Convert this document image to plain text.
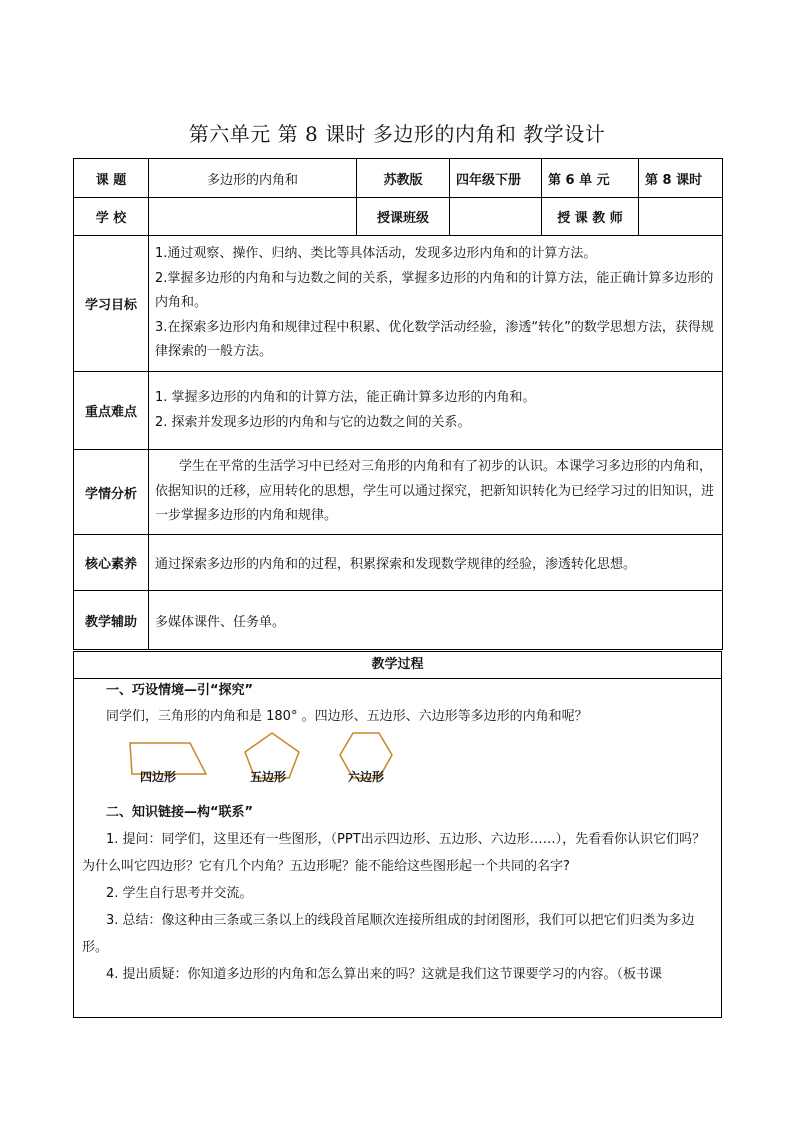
第六单元 第 8 课时 多边形的内角和 教学设计
课 题	多边形的内角和	苏教版	四年级下册	第 6 单 元	第 8 课时
学 校		授课班级		授 课 教 师	
学习目标	1.通过观察、操作、归纳、类比等具体活动，发现多边形内角和的计算方法。
2.掌握多边形的内角和与边数之间的关系，掌握多边形的内角和的计算方法，能正确计算多边形的内角和。
3.在探索多边形内角和规律过程中积累、优化数学活动经验，渗透“转化”的数学思想方法，获得规律探索的一般方法。				

重点难点	1. 掌握多边形的内角和的计算方法，能正确计算多边形的内角和。
2. 探索并发现多边形的内角和与它的边数之间的关系。				

学情分析	学生在平常的生活学习中已经对三角形的内角和有了初步的认识。本课学习多边形的内角和，依据知识的迁移，应用转化的思想，学生可以通过探究，把新知识转化为已经学习过的旧知识，进一步掌握多边形的内角和规律。				
核心素养	通过探索多边形的内角和的过程，积累探索和发现数学规律的经验，渗透转化思想。				
教学辅助	多媒体课件、任务单。				
教学过程
一、巧设情境—引“探究”
同学们，三角形的内角和是 180° 。四边形、五边形、六边形等多边形的内角和呢？
四边形	五边形	六边形
二、知识链接—构“联系”
1. 提问：同学们，这里还有一些图形，（PPT出示四边形、五边形、六边形……），先看看你认识它们吗？为什么叫它四边形？它有几个内角？五边形呢？能不能给这些图形起一个共同的名字?
2. 学生自行思考并交流。
3. 总结：像这种由三条或三条以上的线段首尾顺次连接所组成的封闭图形，我们可以把它们归类为多边形。
4. 提出质疑：你知道多边形的内角和怎么算出来的吗？这就是我们这节课要学习的内容。（板书课
